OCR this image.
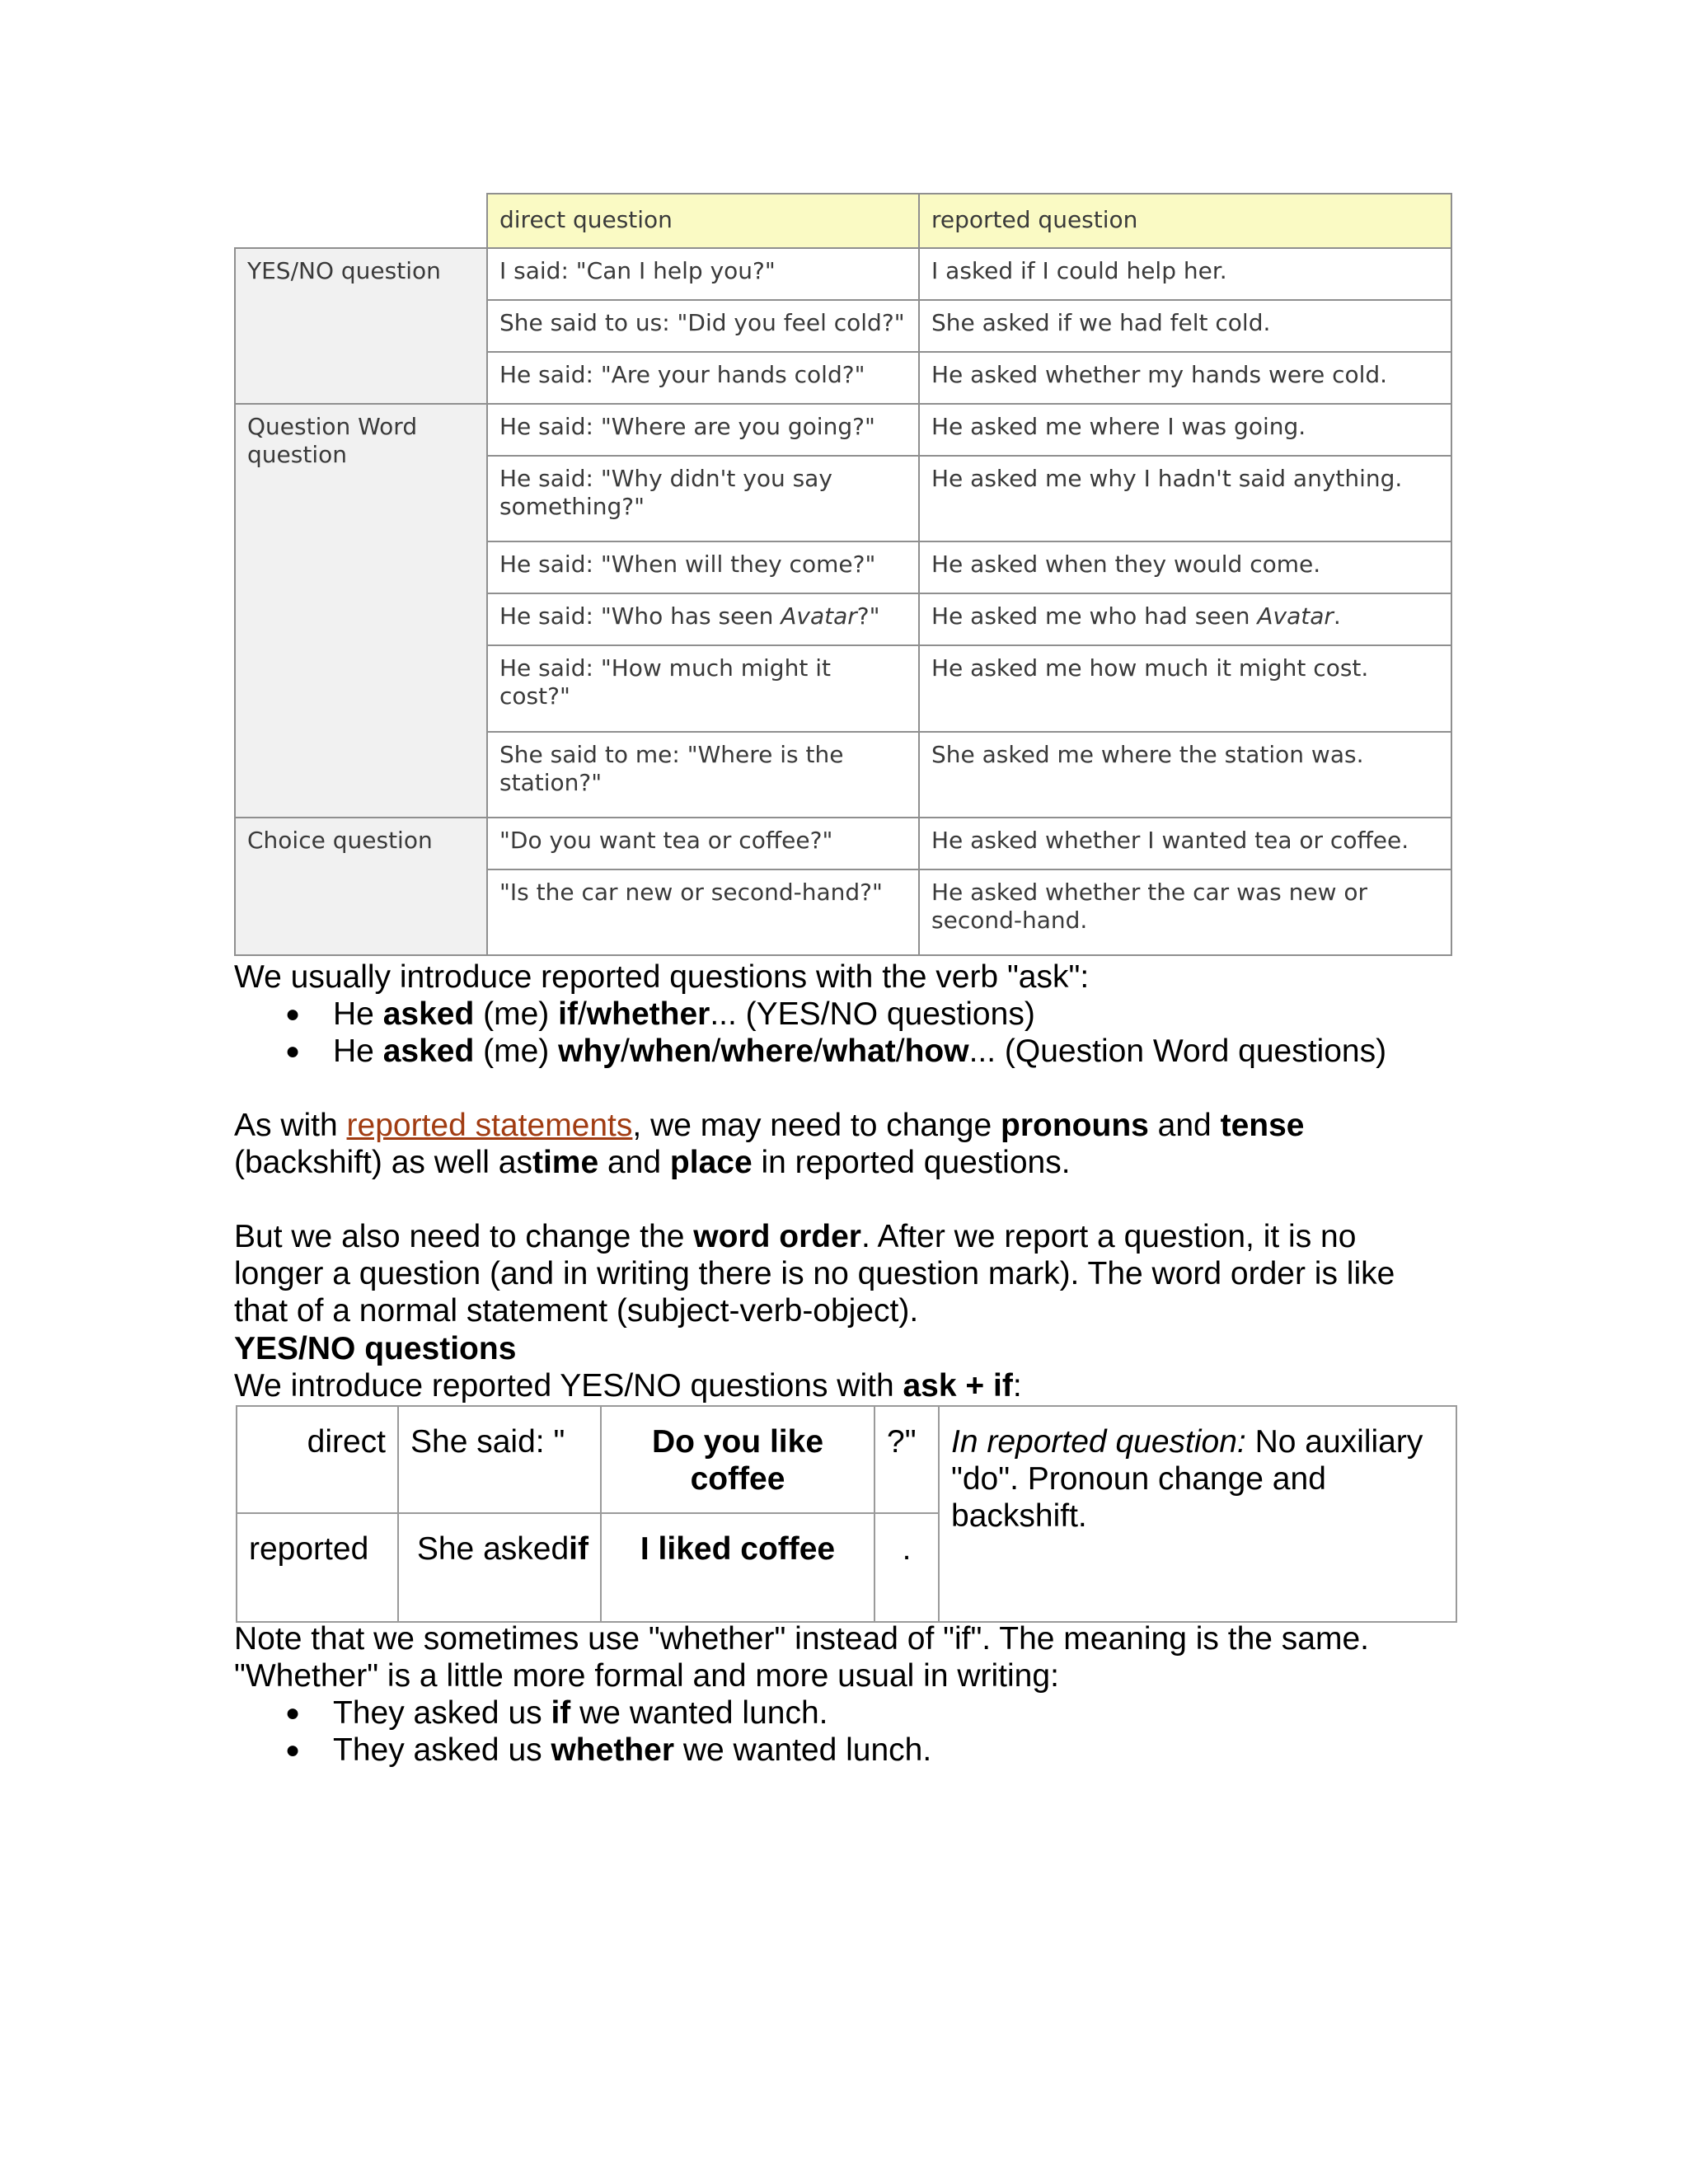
	direct question	reported question
YES/NO question	I said: "Can I help you?"	I asked if I could help her.
	She said to us: "Did you feel cold?"	She asked if we had felt cold.
	He said: "Are your hands cold?"	He asked whether my hands were cold.
Question Word question	He said: "Where are you going?"	He asked me where I was going.
	He said: "Why didn't you say something?"	He asked me why I hadn't said anything.
	He said: "When will they come?"	He asked when they would come.
	He said: "Who has seen Avatar?"	He asked me who had seen Avatar.
	He said: "How much might it cost?"	He asked me how much it might cost.
	She said to me: "Where is the station?"	She asked me where the station was.
Choice question	"Do you want tea or coffee?"	He asked whether I wanted tea or coffee.
	"Is the car new or second-hand?"	He asked whether the car was new or second-hand.

We usually introduce reported questions with the verb "ask":

● He asked (me) if/whether... (YES/NO questions)

● He asked (me) why/when/where/what/how... (Question Word questions)

As with reported statements, we may need to change pronouns and tense (backshift) as well astime and place in reported questions.

But we also need to change the word order. After we report a question, it is no longer a question (and in writing there is no question mark). The word order is like that of a normal statement (subject-verb-object).

YES/NO questions

We introduce reported YES/NO questions with ask + if:

direct	She said: "	Do you like coffee	?"	In reported question: No auxiliary "do". Pronoun change and backshift.
reported	She askedif	I liked coffee	.	

Note that we sometimes use "whether" instead of "if". The meaning is the same. "Whether" is a little more formal and more usual in writing:

● They asked us if we wanted lunch.

● They asked us whether we wanted lunch.
